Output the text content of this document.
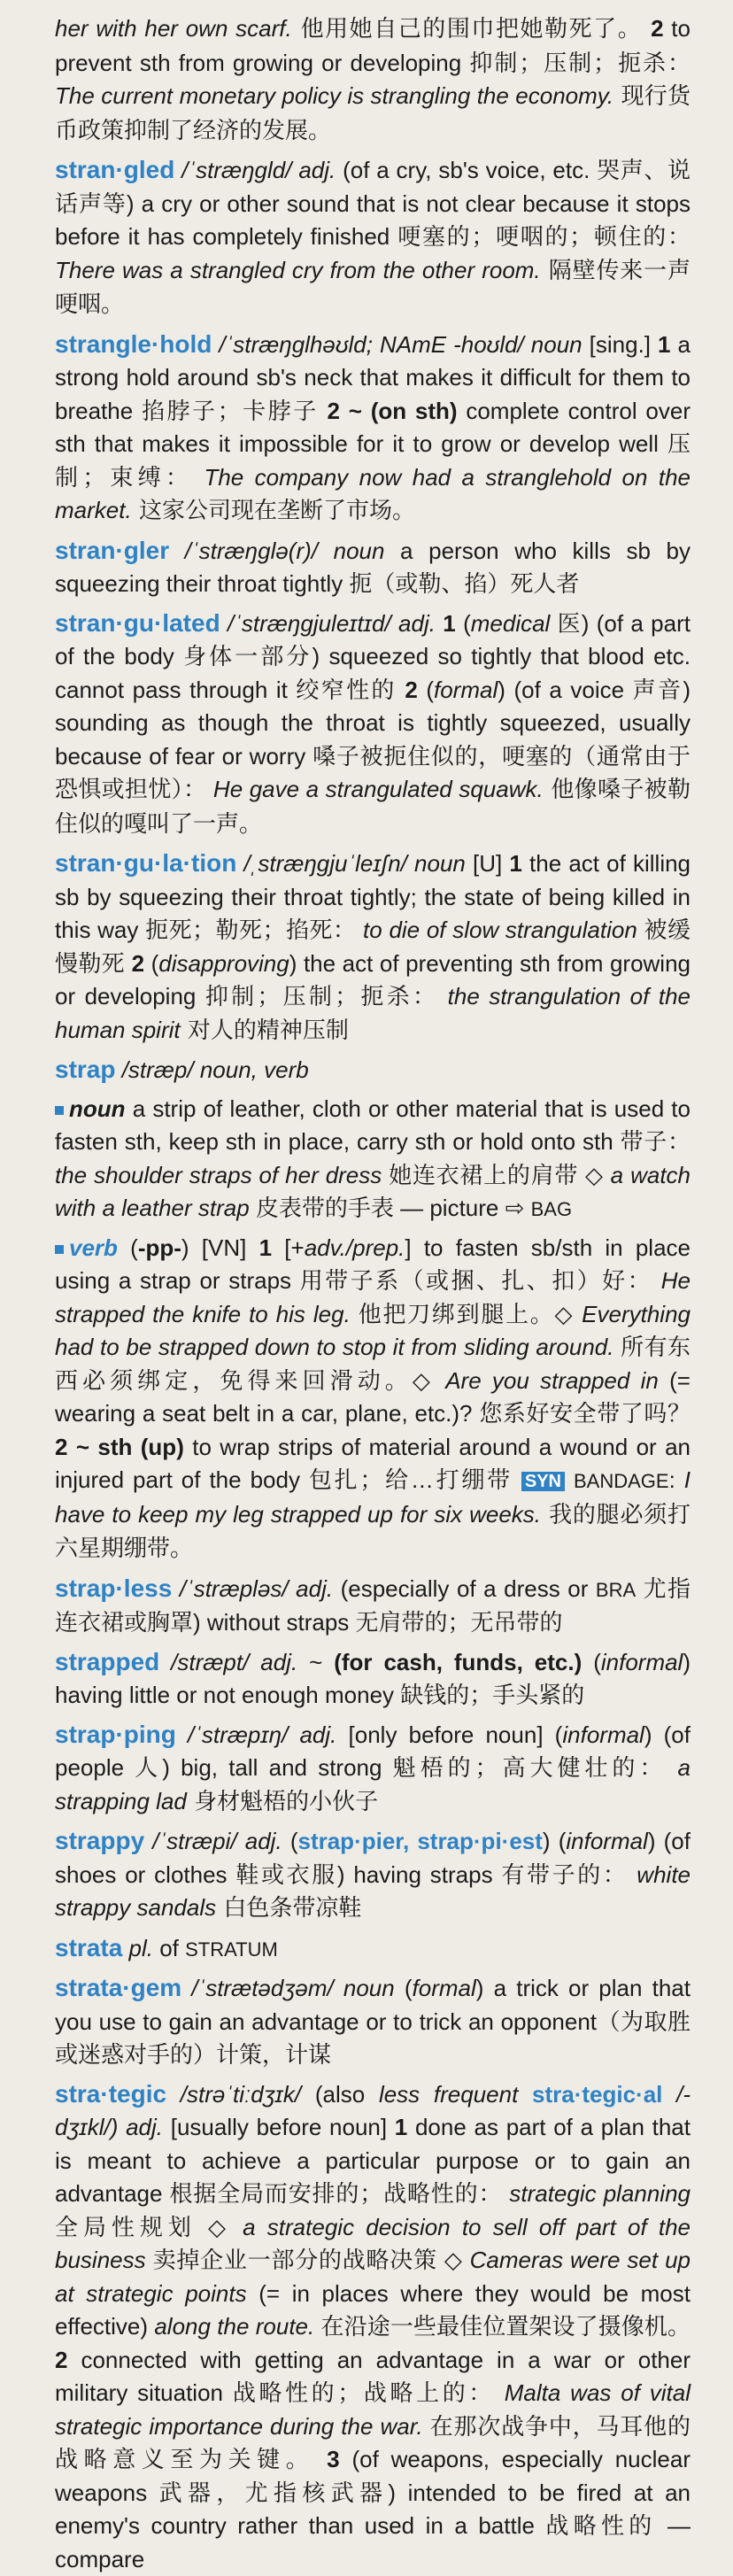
her with her own scarf. 他用她自己的围巾把她勒死了。 2 to prevent sth from growing or developing 抑制；压制；扼杀： The current monetary policy is strangling the economy. 现行货币政策抑制了经济的发展。
stran·gled /ˈstræŋɡld/ adj. (of a cry, sb's voice, etc. 哭声、说话声等) a cry or other sound that is not clear because it stops before it has completely finished 哽塞的；哽咽的；顿住的： There was a strangled cry from the other room. 隔壁传来一声哽咽。
strangle·hold /ˈstræŋɡlhəʊld; NAmE -hoʊld/ noun [sing.] 1 a strong hold around sb's neck that makes it difficult for them to breathe 掐脖子；卡脖子 2 ~ (on sth) complete control over sth that makes it impossible for it to grow or develop well 压制；束缚： The company now had a stranglehold on the market. 这家公司现在垄断了市场。
stran·gler /ˈstræŋɡlə(r)/ noun a person who kills sb by squeezing their throat tightly 扼（或勒、掐）死人者
stran·gu·lated /ˈstræŋɡjuleɪtɪd/ adj. 1 (medical 医) (of a part of the body 身体一部分) squeezed so tightly that blood etc. cannot pass through it 绞窄性的 2 (formal) (of a voice 声音) sounding as though the throat is tightly squeezed, usually because of fear or worry 嗓子被扼住似的，哽塞的（通常由于恐惧或担忧）： He gave a strangulated squawk. 他像嗓子被勒住似的嘎叫了一声。
stran·gu·la·tion /ˌstræŋɡjuˈleɪʃn/ noun [U] 1 the act of killing sb by squeezing their throat tightly; the state of being killed in this way 扼死；勒死；掐死： to die of slow strangulation 被缓慢勒死 2 (disapproving) the act of preventing sth from growing or developing 抑制；压制；扼杀： the strangulation of the human spirit 对人的精神压制
strap /stræp/ noun, verb
noun a strip of leather, cloth or other material that is used to fasten sth, keep sth in place, carry sth or hold onto sth 带子： the shoulder straps of her dress 她连衣裙上的肩带 ◇ a watch with a leather strap 皮表带的手表 — picture ⇨ BAG
verb (-pp-) [VN] 1 [+adv./prep.] to fasten sb/sth in place using a strap or straps 用带子系（或捆、扎、扣）好： He strapped the knife to his leg. 他把刀绑到腿上。◇ Everything had to be strapped down to stop it from sliding around. 所有东西必须绑定，免得来回滑动。◇ Are you strapped in (= wearing a seat belt in a car, plane, etc.)? 您系好安全带了吗？ 2 ~ sth (up) to wrap strips of material around a wound or an injured part of the body 包扎；给…打绷带 SYN BANDAGE: I have to keep my leg strapped up for six weeks. 我的腿必须打六星期绷带。
strap·less /ˈstræpləs/ adj. (especially of a dress or BRA 尤指连衣裙或胸罩) without straps 无肩带的；无吊带的
strapped /stræpt/ adj. ~ (for cash, funds, etc.) (informal) having little or not enough money 缺钱的；手头紧的
strap·ping /ˈstræpɪŋ/ adj. [only before noun] (informal) (of people 人) big, tall and strong 魁梧的；高大健壮的： a strapping lad 身材魁梧的小伙子
strappy /ˈstræpi/ adj. (strap·pier, strap·pi·est) (informal) (of shoes or clothes 鞋或衣服) having straps 有带子的： white strappy sandals 白色条带凉鞋
strata pl. of STRATUM
strata·gem /ˈstrætədʒəm/ noun (formal) a trick or plan that you use to gain an advantage or to trick an opponent（为取胜或迷惑对手的）计策，计谋
stra·tegic /strəˈtiːdʒɪk/ (also less frequent stra·tegic·al /-dʒɪkl/) adj. [usually before noun] 1 done as part of a plan that is meant to achieve a particular purpose or to gain an advantage 根据全局而安排的；战略性的： strategic planning 全局性规划 ◇ a strategic decision to sell off part of the business 卖掉企业一部分的战略决策 ◇ Cameras were set up at strategic points (= in places where they would be most effective) along the route. 在沿途一些最佳位置架设了摄像机。 2 connected with getting an advantage in a war or other military situation 战略性的；战略上的： Malta was of vital strategic importance during the war. 在那次战争中，马耳他的战略意义至为关键。 3 (of weapons, especially nuclear weapons 武器，尤指核武器) intended to be fired at an enemy's country rather than used in a battle 战略性的 — compare
